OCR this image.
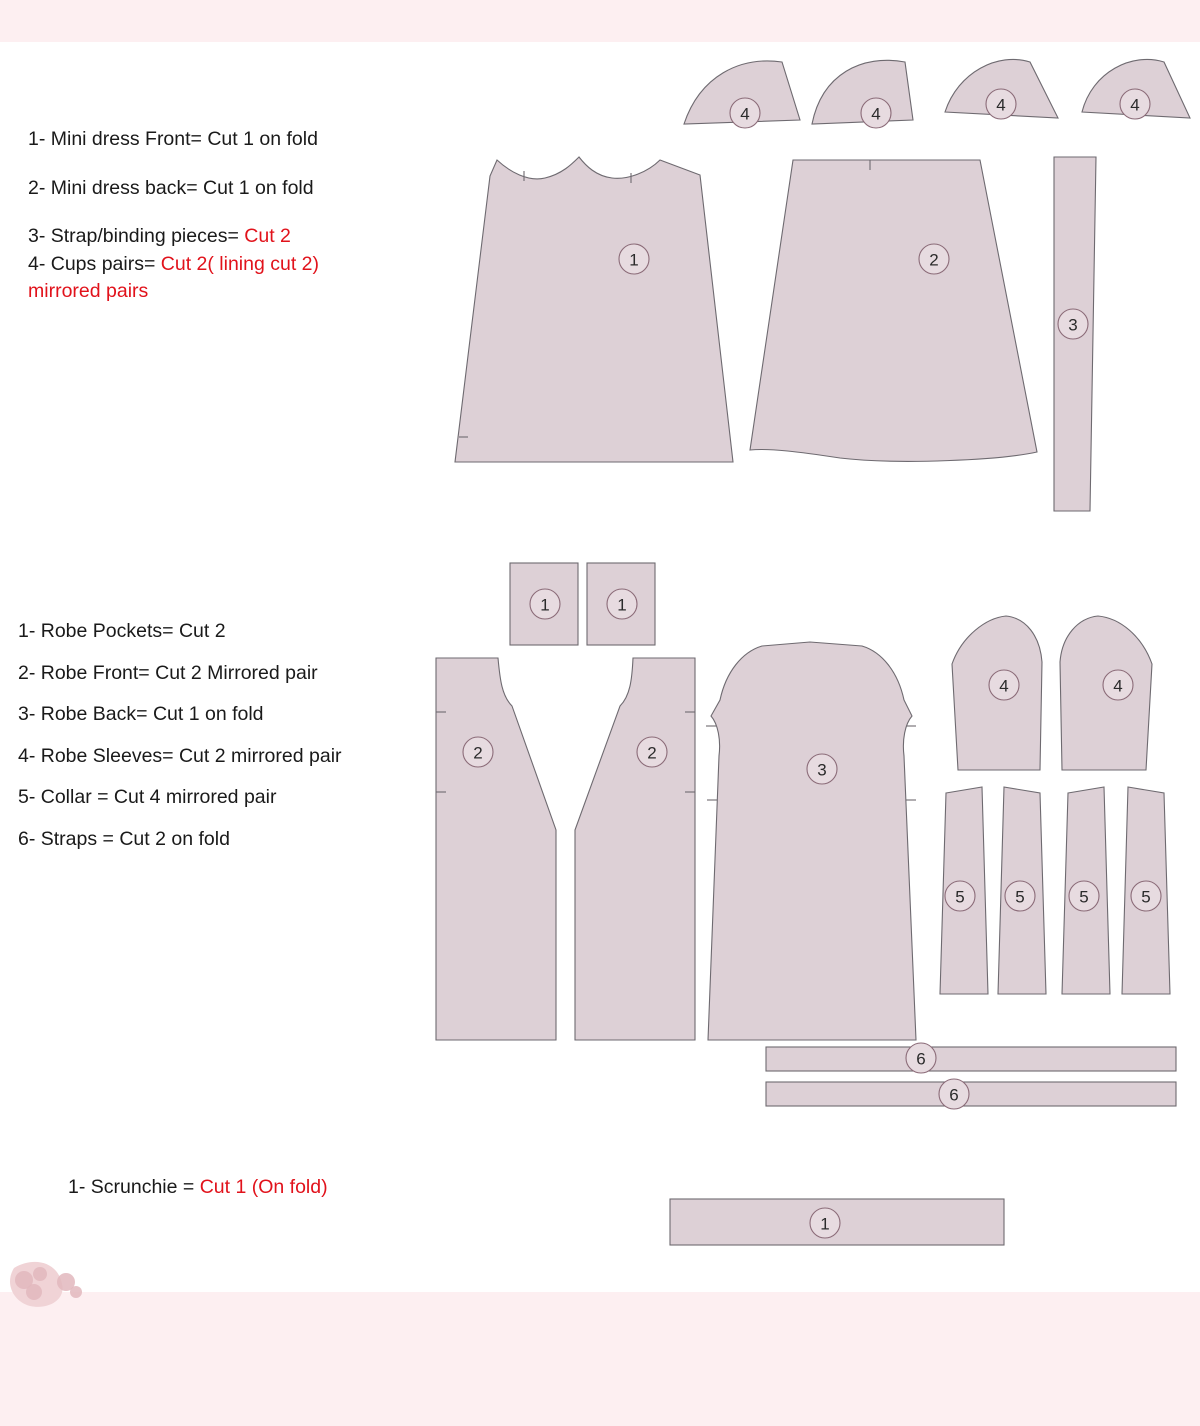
1- Mini dress Front= Cut 1 on fold
2- Mini dress back= Cut 1 on fold
3- Strap/binding pieces= Cut 2
4- Cups pairs= Cut 2( lining cut 2)
mirrored pairs
1- Robe Pockets= Cut 2
2- Robe Front= Cut 2 Mirrored pair
3- Robe Back= Cut 1 on fold
4- Robe Sleeves= Cut 2 mirrored pair
5- Collar = Cut 4 mirrored pair
6- Straps = Cut 2 on fold
1- Scrunchie = Cut 1 (On fold)
4	4	4	4
1	2
3
1	1
2	2
3
4	4
5	5	5	5
6
6
1
